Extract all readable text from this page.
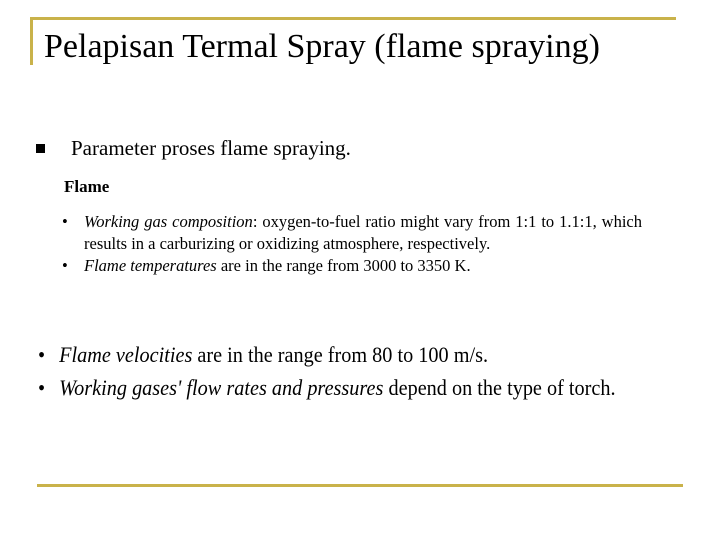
Pelapisan Termal Spray (flame spraying)
Parameter proses flame spraying.
Flame
• Working gas composition: oxygen-to-fuel ratio might vary from 1:1 to 1.1:1, which results in a carburizing or oxidizing atmosphere, respectively.
• Flame temperatures are in the range from 3000 to 3350 K.
• Flame velocities are in the range from 80 to 100 m/s.
• Working gases' flow rates and pressures depend on the type of torch.
